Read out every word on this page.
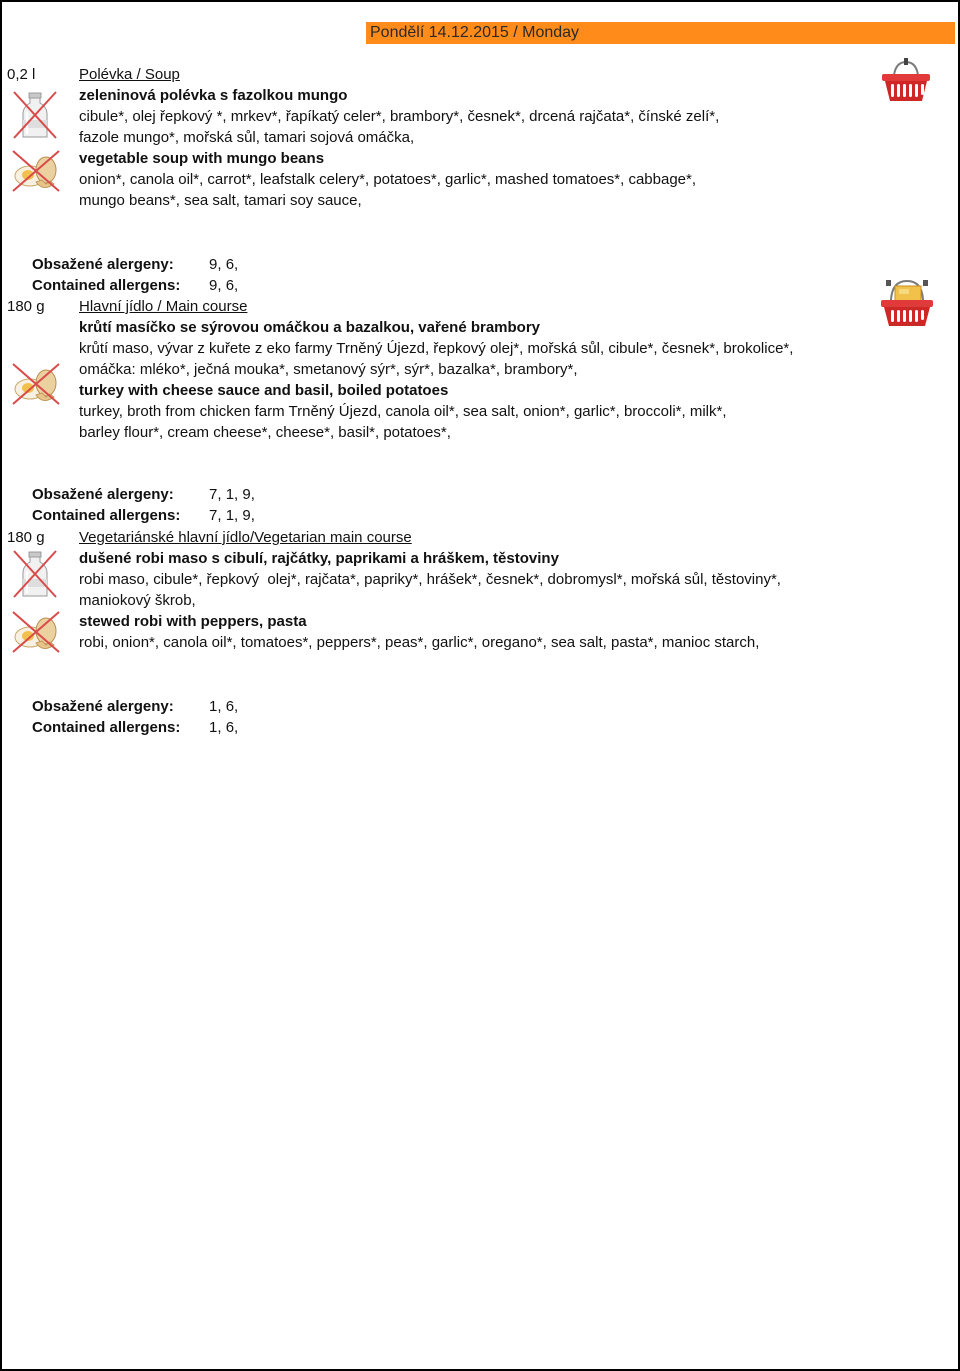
Pondělí 14.12.2015 / Monday
0,2 l	Polévka / Soup
zeleninová polévka s fazolkou mungo
cibule*, olej řepkový *, mrkev*, řapíkatý celer*, brambory*, česnek*, drcená rajčata*, čínské zelí*,
fazole mungo*, mořská sůl, tamari sojová omáčka,
vegetable soup with mungo beans
onion*, canola oil*, carrot*, leafstalk celery*, potatoes*, garlic*, mashed tomatoes*, cabbage*,
mungo beans*, sea salt, tamari soy sauce,

Obsažené alergeny: 9, 6,

Contained allergens: 9, 6,

180 g Hlavní jídlo / Main course
krůtí masíčko se sýrovou omáčkou a bazalkou, vařené brambory
krůtí maso, vývar z kuřete z eko farmy Trněný Újezd, řepkový olej*, mořská sůl, cibule*, česnek*, brokolice*,
omáčka: mléko*, ječná mouka*, smetanový sýr*, sýr*, bazalka*, brambory*,
turkey with cheese sauce and basil, boiled potatoes
turkey, broth from chicken farm Trněný Újezd, canola oil*, sea salt, onion*, garlic*, broccoli*, milk*,
barley flour*, cream cheese*, cheese*, basil*, potatoes*,

Obsažené alergeny: 7, 1, 9,

Contained allergens: 7, 1, 9,

180 g Vegetariánské hlavní jídlo/Vegetarian main course
dušené robi maso s cibulí, rajčátky, paprikami a hráškem, těstoviny
robi maso, cibule*, řepkový  olej*, rajčata*, papriky*, hrášek*, česnek*, dobromysl*, mořská sůl, těstoviny*,
maniokový škrob,
stewed robi with peppers, pasta
robi, onion*, canola oil*, tomatoes*, peppers*, peas*, garlic*, oregano*, sea salt, pasta*, manioc starch,

Obsažené alergeny: 1, 6,

Contained allergens: 1, 6,
